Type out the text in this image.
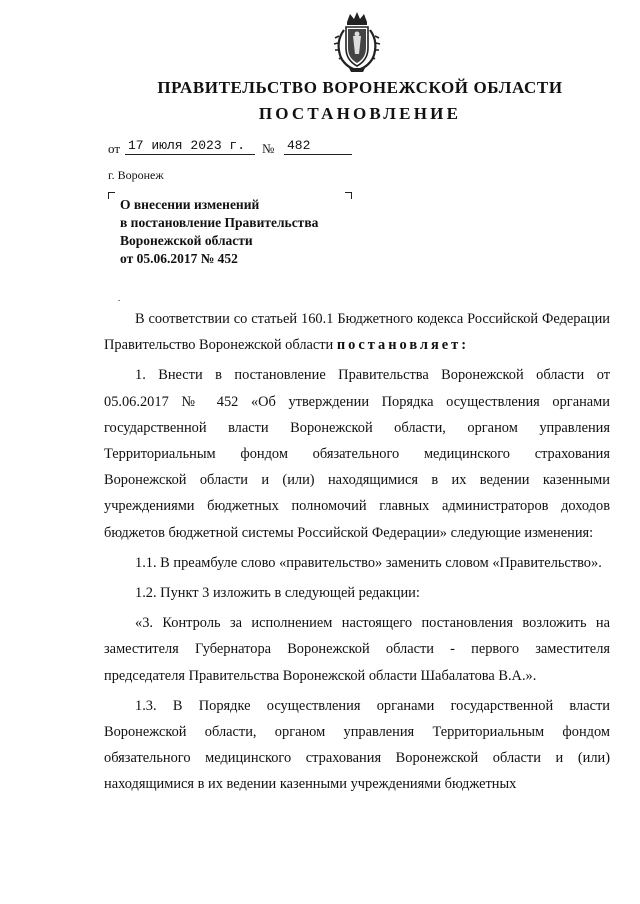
ПРАВИТЕЛЬСТВО ВОРОНЕЖСКОЙ ОБЛАСТИ
ПОСТАНОВЛЕНИЕ
от 17 июля 2023 г.	№ 482
г. Воронеж
О внесении изменений
в постановление Правительства
Воронежской области
от 05.06.2017 № 452

В соответствии со статьей 160.1 Бюджетного кодекса Российской Федерации Правительство Воронежской области постановляет:

1. Внести в постановление Правительства Воронежской области от 05.06.2017 № 452 «Об утверждении Порядка осуществления органами государственной власти Воронежской области, органом управления Территориальным фондом обязательного медицинского страхования Воронежской области и (или) находящимися в их ведении казенными учреждениями бюджетных полномочий главных администраторов доходов бюджетов бюджетной системы Российской Федерации» следующие изменения:

1.1. В преамбуле слово «правительство» заменить словом «Правительство».

1.2. Пункт 3 изложить в следующей редакции:

«3. Контроль за исполнением настоящего постановления возложить на заместителя Губернатора Воронежской области - первого заместителя председателя Правительства Воронежской области Шабалатова В.А.».

1.3. В Порядке осуществления органами государственной власти Воронежской области, органом управления Территориальным фондом обязательного медицинского страхования Воронежской области и (или) находящимися в их ведении казенными учреждениями бюджетных
